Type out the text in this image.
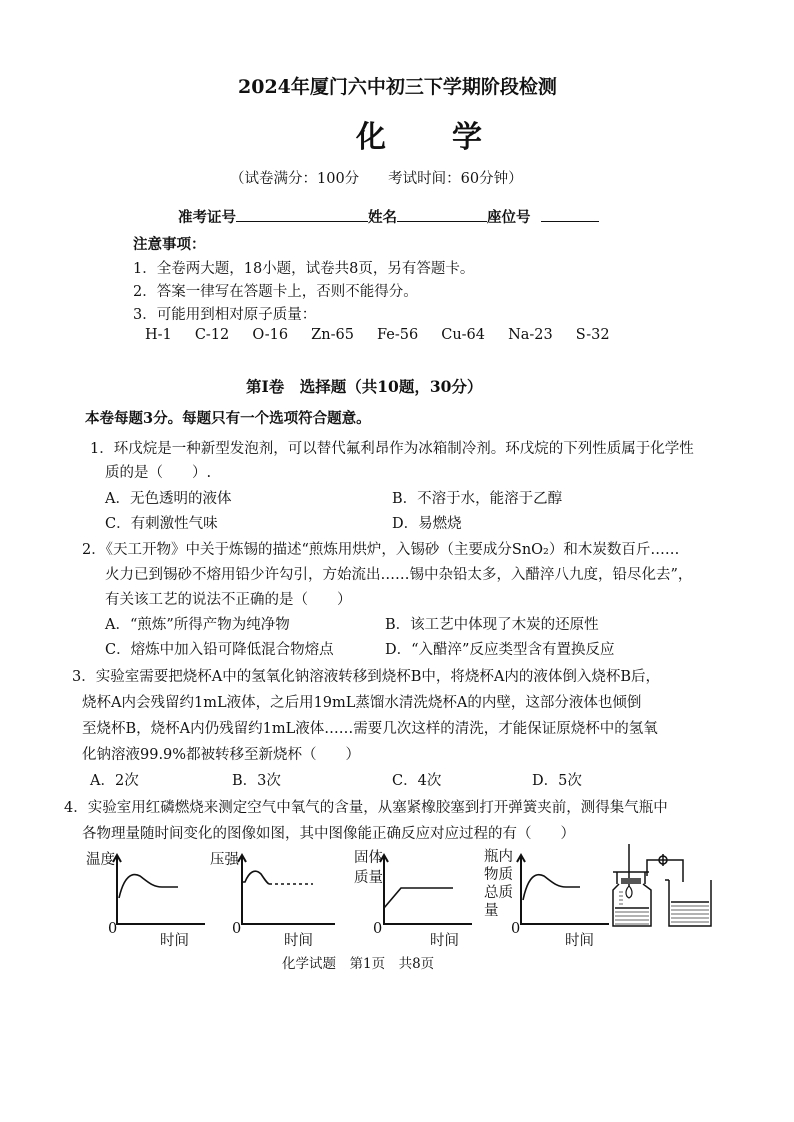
2024年厦门六中初三下学期阶段检测
化　　学
（试卷满分：100分　　考试时间：60分钟）
准考证号	姓名	座位号
注意事项：
1．全卷两大题，18小题，试卷共8页，另有答题卡。
2．答案一律写在答题卡上，否则不能得分。
3．可能用到相对原子质量：
H-1 C-12 O-16 Zn-65 Fe-56 Cu-64 Na-23 S-32
第Ⅰ卷　选择题（共10题，30分）
本卷每题3分。每题只有一个选项符合题意。
1．环戊烷是一种新型发泡剂，可以替代氟利昂作为冰箱制冷剂。环戊烷的下列性质属于化学性
质的是（　　）.
A．无色透明的液体	B．不溶于水，能溶于乙醇
C．有刺激性气味	D．易燃烧
2．《天工开物》中关于炼锡的描述“煎炼用烘炉，入锡砂（主要成分SnO₂）和木炭数百斤……
火力已到锡砂不熔用铅少许勾引，方始流出……锡中杂铅太多，入醋淬八九度，铅尽化去”，
有关该工艺的说法不正确的是（　　）
A．“煎炼”所得产物为纯净物	B．该工艺中体现了木炭的还原性
C．熔炼中加入铅可降低混合物熔点	D．“入醋淬”反应类型含有置换反应
3．实验室需要把烧杯A中的氢氧化钠溶液转移到烧杯B中，将烧杯A内的液体倒入烧杯B后，
烧杯A内会残留约1mL液体，之后用19mL蒸馏水清洗烧杯A的内壁，这部分液体也倾倒
至烧杯B，烧杯A内仍残留约1mL液体……需要几次这样的清洗，才能保证原烧杯中的氢氧
化钠溶液99.9%都被转移至新烧杯（　　）
A．2次	B．3次	C．4次	D．5次
4．实验室用红磷燃烧来测定空气中氧气的含量，从塞紧橡胶塞到打开弹簧夹前，测得集气瓶中
各物理量随时间变化的图像如图，其中图像能正确反应对应过程的有（　　）
温度
0
时间
压强
0
时间
固体质量
0
时间
瓶内物质总质量
0
时间
化学试题　第1页　共8页
